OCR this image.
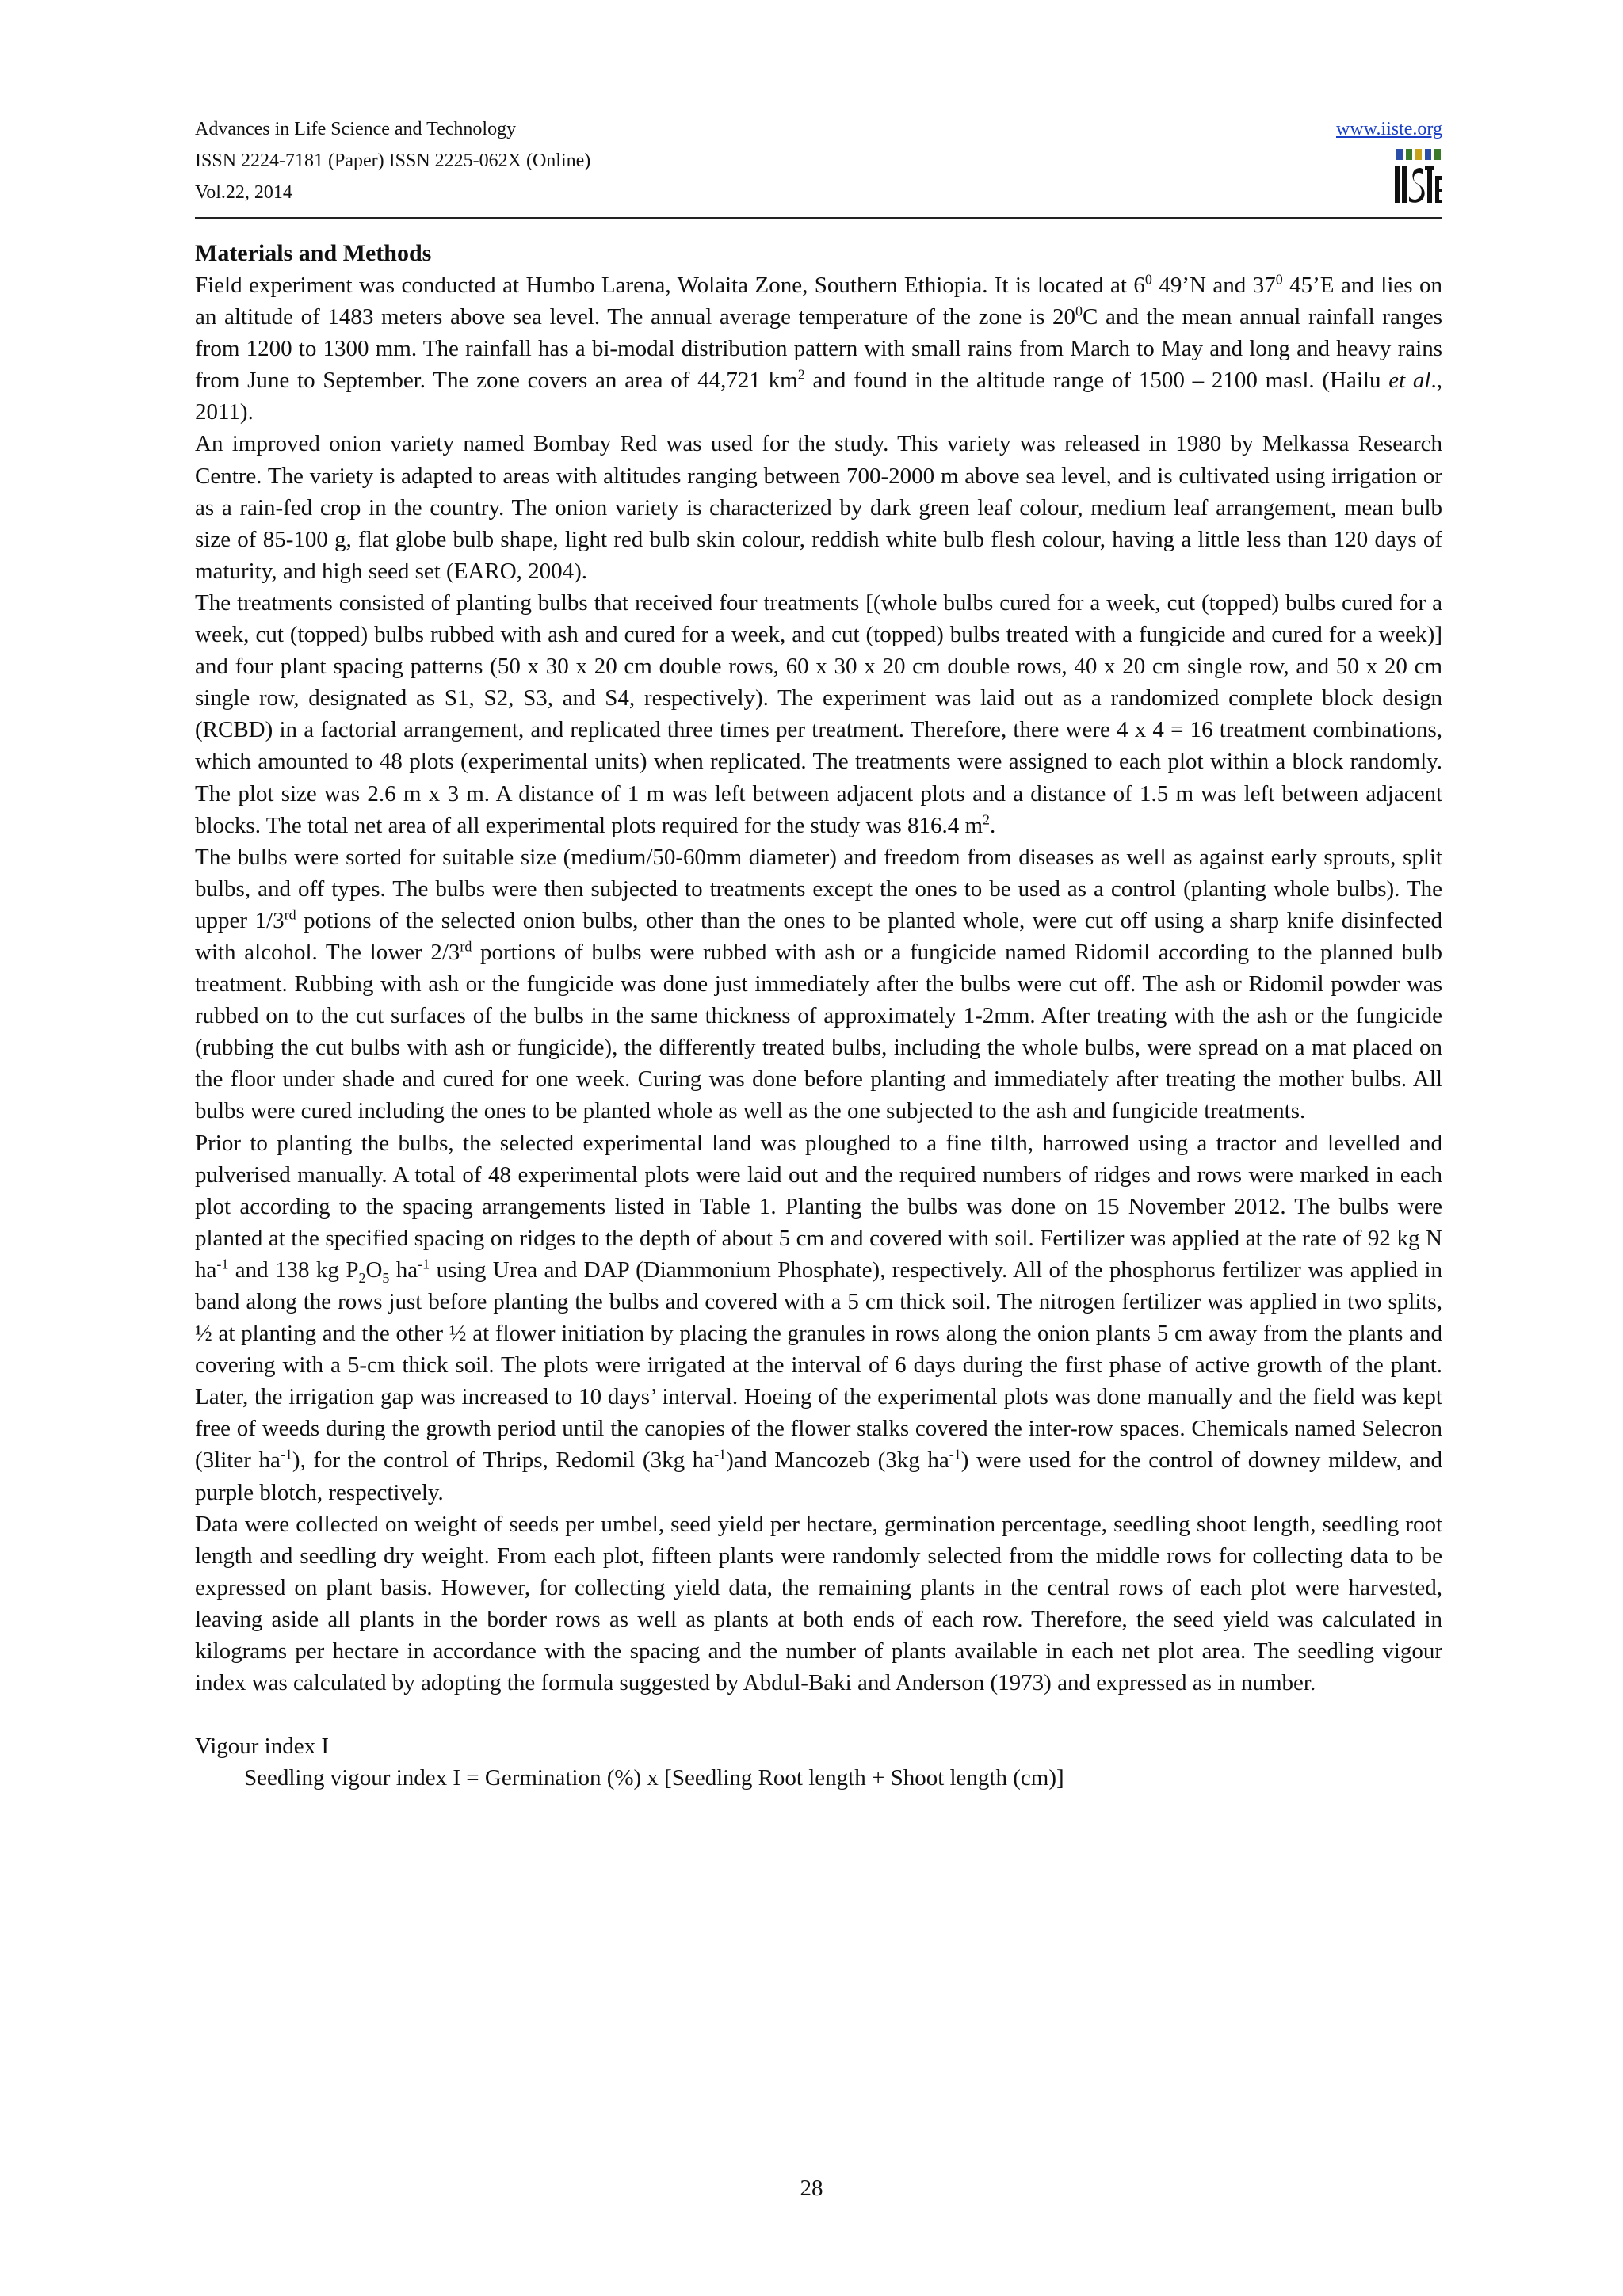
Advances in Life Science and Technology
ISSN 2224-7181 (Paper) ISSN 2225-062X (Online)
Vol.22, 2014
www.iiste.org
Materials and Methods

Field experiment was conducted at Humbo Larena, Wolaita Zone, Southern Ethiopia. It is located at $6^0$ 49’N and $37^0$ 45’E and lies on an altitude of 1483 meters above sea level. The annual average temperature of the zone is $20^0C$ and the mean annual rainfall ranges from 1200 to 1300 mm. The rainfall has a bi-modal distribution pattern with small rains from March to May and long and heavy rains from June to September. The zone covers an area of 44,721 $km^2$ and found in the altitude range of 1500 – 2100 masl. (Hailu et al., 2011).

An improved onion variety named Bombay Red was used for the study. This variety was released in 1980 by Melkassa Research Centre. The variety is adapted to areas with altitudes ranging between 700-2000 m above sea level, and is cultivated using irrigation or as a rain-fed crop in the country. The onion variety is characterized by dark green leaf colour, medium leaf arrangement, mean bulb size of 85-100 g, flat globe bulb shape, light red bulb skin colour, reddish white bulb flesh colour, having a little less than 120 days of maturity, and high seed set (EARO, 2004).

The treatments consisted of planting bulbs that received four treatments [(whole bulbs cured for a week, cut (topped) bulbs cured for a week, cut (topped) bulbs rubbed with ash and cured for a week, and cut (topped) bulbs treated with a fungicide and cured for a week)] and four plant spacing patterns (50 x 30 x 20 cm double rows, 60 x 30 x 20 cm double rows, 40 x 20 cm single row, and 50 x 20 cm single row, designated as S1, S2, S3, and S4, respectively). The experiment was laid out as a randomized complete block design (RCBD) in a factorial arrangement, and replicated three times per treatment. Therefore, there were 4 x 4 = 16 treatment combinations, which amounted to 48 plots (experimental units) when replicated. The treatments were assigned to each plot within a block randomly. The plot size was 2.6 m x 3 m. A distance of 1 m was left between adjacent plots and a distance of 1.5 m was left between adjacent blocks. The total net area of all experimental plots required for the study was 816.4 $m^2$.

The bulbs were sorted for suitable size (medium/50-60mm diameter) and freedom from diseases as well as against early sprouts, split bulbs, and off types. The bulbs were then subjected to treatments except the ones to be used as a control (planting whole bulbs). The upper 1/3rd potions of the selected onion bulbs, other than the ones to be planted whole, were cut off using a sharp knife disinfected with alcohol. The lower 2/3rd portions of bulbs were rubbed with ash or a fungicide named Ridomil according to the planned bulb treatment. Rubbing with ash or the fungicide was done just immediately after the bulbs were cut off. The ash or Ridomil powder was rubbed on to the cut surfaces of the bulbs in the same thickness of approximately 1-2mm. After treating with the ash or the fungicide (rubbing the cut bulbs with ash or fungicide), the differently treated bulbs, including the whole bulbs, were spread on a mat placed on the floor under shade and cured for one week. Curing was done before planting and immediately after treating the mother bulbs. All bulbs were cured including the ones to be planted whole as well as the one subjected to the ash and fungicide treatments.

Prior to planting the bulbs, the selected experimental land was ploughed to a fine tilth, harrowed using a tractor and levelled and pulverised manually. A total of 48 experimental plots were laid out and the required numbers of ridges and rows were marked in each plot according to the spacing arrangements listed in Table 1. Planting the bulbs was done on 15 November 2012. The bulbs were planted at the specified spacing on ridges to the depth of about 5 cm and covered with soil. Fertilizer was applied at the rate of 92 kg N $ha^{-1}$ and 138 kg $P_2O_5$ $ha^{-1}$ using Urea and DAP (Diammonium Phosphate), respectively. All of the phosphorus fertilizer was applied in band along the rows just before planting the bulbs and covered with a 5 cm thick soil. The nitrogen fertilizer was applied in two splits, ½ at planting and the other ½ at flower initiation by placing the granules in rows along the onion plants 5 cm away from the plants and covering with a 5-cm thick soil. The plots were irrigated at the interval of 6 days during the first phase of active growth of the plant. Later, the irrigation gap was increased to 10 days’ interval. Hoeing of the experimental plots was done manually and the field was kept free of weeds during the growth period until the canopies of the flower stalks covered the inter-row spaces. Chemicals named Selecron (3liter $ha^{-1}$), for the control of Thrips, Redomil (3kg $ha^{-1})and$ Mancozeb (3kg $ha^{-1}$) were used for the control of downey mildew, and purple blotch, respectively.

Data were collected on weight of seeds per umbel, seed yield per hectare, germination percentage, seedling shoot length, seedling root length and seedling dry weight. From each plot, fifteen plants were randomly selected from the middle rows for collecting data to be expressed on plant basis. However, for collecting yield data, the remaining plants in the central rows of each plot were harvested, leaving aside all plants in the border rows as well as plants at both ends of each row. Therefore, the seed yield was calculated in kilograms per hectare in accordance with the spacing and the number of plants available in each net plot area. The seedling vigour index was calculated by adopting the formula suggested by Abdul-Baki and Anderson (1973) and expressed as in number.

Vigour index I

Seedling vigour index I = Germination (%) x [Seedling Root length + Shoot length (cm)]

28
